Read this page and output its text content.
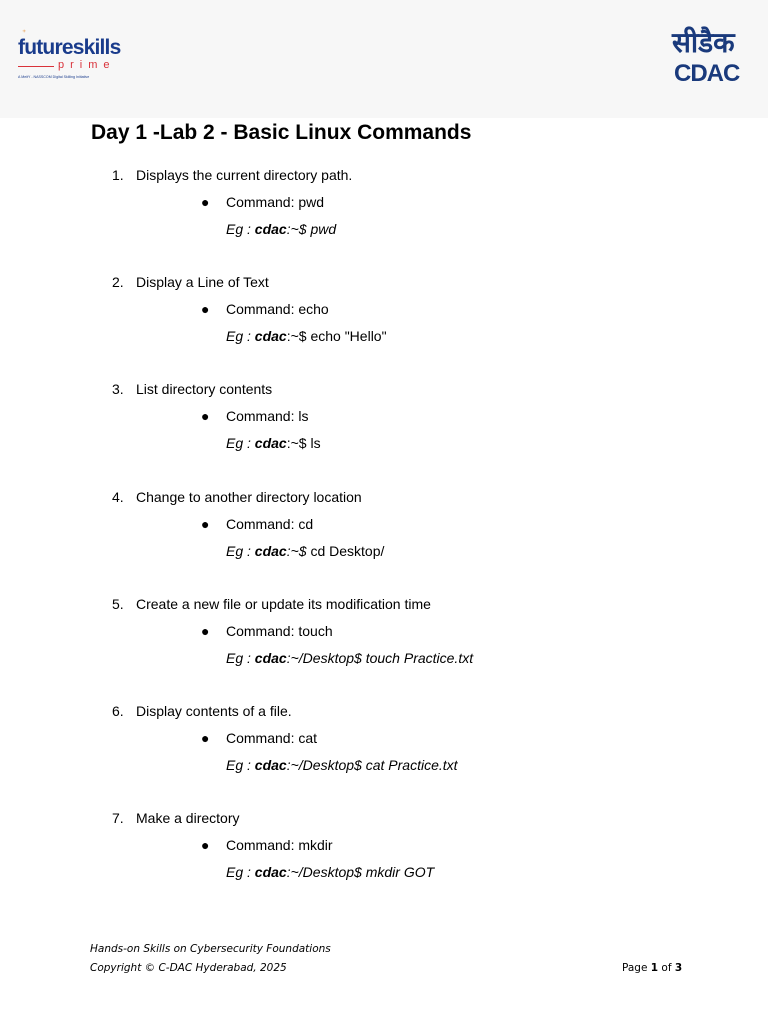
⁺
futureskills
prime
A MeitY - NASSCOM Digital Skilling Initiative
सीडैक
CDAC
Day 1 -Lab 2 - Basic Linux Commands
1. Displays the current directory path.
● Command: pwd
Eg : cdac:~$ pwd
2. Display a Line of Text
● Command: echo
Eg : cdac:~$ echo "Hello"
3. List directory contents
● Command: ls
Eg : cdac:~$ ls
4. Change to another directory location
● Command: cd
Eg : cdac:~$ cd Desktop/
5. Create a new file or update its modification time
● Command: touch
Eg : cdac:~/Desktop$ touch Practice.txt
6. Display contents of a file.
● Command: cat
Eg : cdac:~/Desktop$ cat Practice.txt
7. Make a directory
● Command: mkdir
Eg : cdac:~/Desktop$ mkdir GOT
Hands-on Skills on Cybersecurity Foundations
Copyright © C-DAC Hyderabad, 2025	Page 1 of 3
